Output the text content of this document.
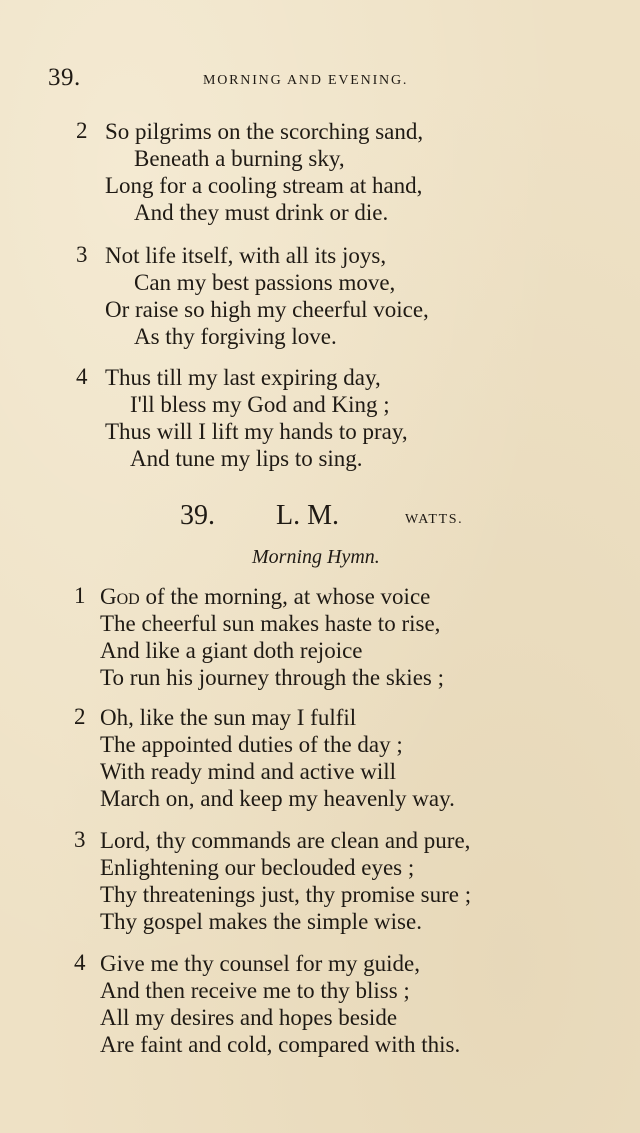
39.	MORNING AND EVENING.
2 So pilgrims on the scorching sand,
Beneath a burning sky,
Long for a cooling stream at hand,
And they must drink or die.
3 Not life itself, with all its joys,
Can my best passions move,
Or raise so high my cheerful voice,
As thy forgiving love.
4 Thus till my last expiring day,
I'll bless my God and King ;
Thus will I lift my hands to pray,
And tune my lips to sing.
39. L. M.	WATTS.
Morning Hymn.
1 God of the morning, at whose voice
The cheerful sun makes haste to rise,
And like a giant doth rejoice
To run his journey through the skies ;
2 Oh, like the sun may I fulfil
The appointed duties of the day ;
With ready mind and active will
March on, and keep my heavenly way.
3 Lord, thy commands are clean and pure,
Enlightening our beclouded eyes ;
Thy threatenings just, thy promise sure ;
Thy gospel makes the simple wise.
4 Give me thy counsel for my guide,
And then receive me to thy bliss ;
All my desires and hopes beside
Are faint and cold, compared with this.
